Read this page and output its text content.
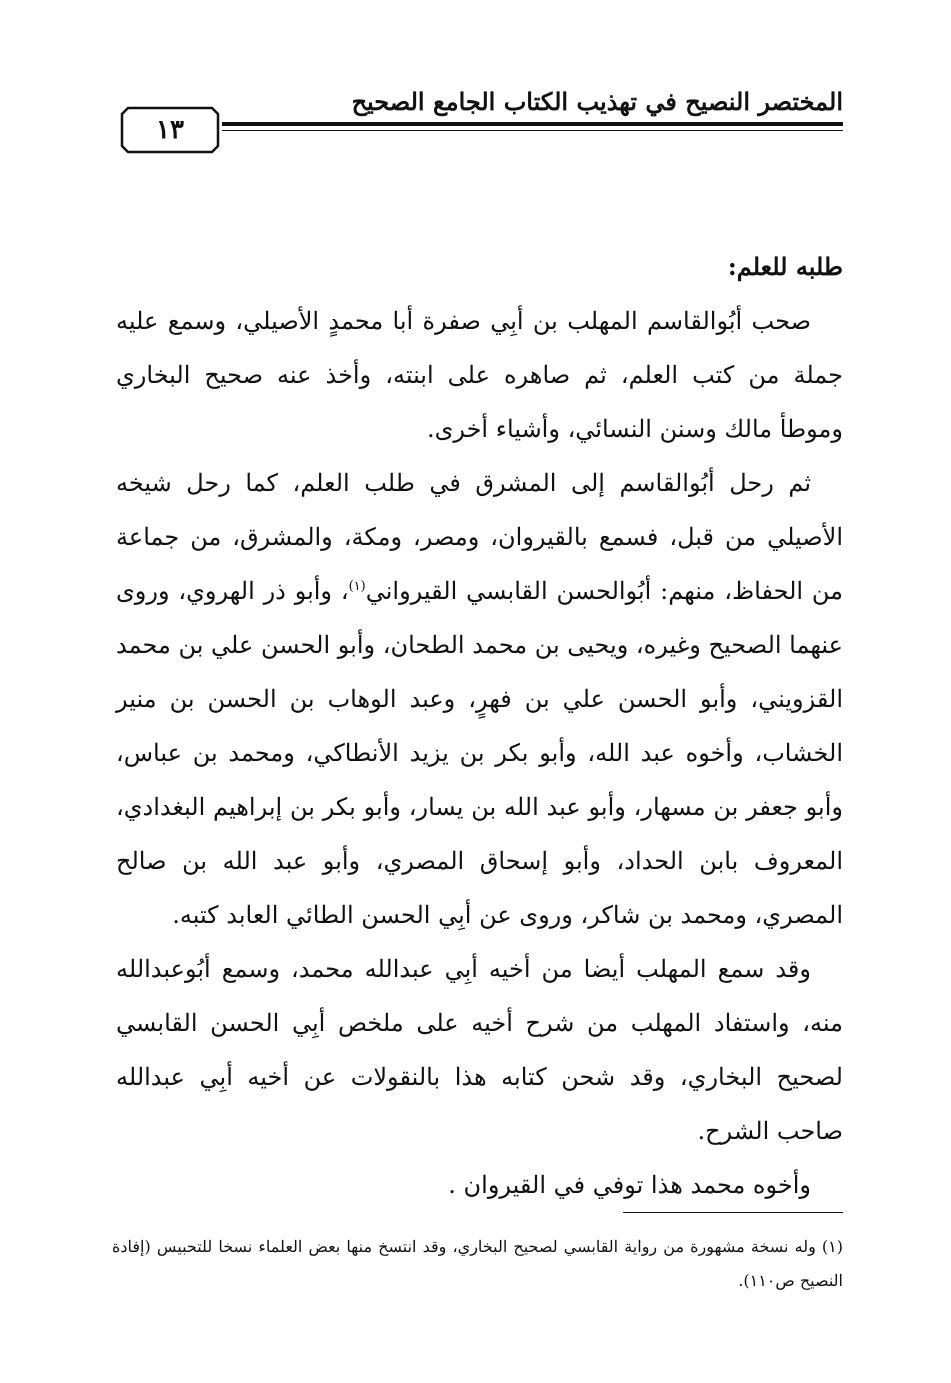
المختصر النصيح في تهذيب الكتاب الجامع الصحيح
١٣

طلبه للعلم:

صحب أبُوالقاسم المهلب بن أبِي صفرة أبا محمدٍ الأصيلي، وسمع عليه جملة من كتب العلم، ثم صاهره على ابنته، وأخذ عنه صحيح البخاري وموطأ مالك وسنن النسائي، وأشياء أخرى.

ثم رحل أبُوالقاسم إلى المشرق في طلب العلم، كما رحل شيخه الأصيلي من قبل، فسمع بالقيروان، ومصر، ومكة، والمشرق، من جماعة من الحفاظ، منهم: أبُوالحسن القابسي القيرواني$^{(١)}$، وأبو ذر الهروي، وروى عنهما الصحيح وغيره، ويحيى بن محمد الطحان، وأبو الحسن علي بن محمد القزويني، وأبو الحسن علي بن فهرٍ، وعبد الوهاب بن الحسن بن منير الخشاب، وأخوه عبد الله، وأبو بكر بن يزيد الأنطاكي، ومحمد بن عباس، وأبو جعفر بن مسهار، وأبو عبد الله بن يسار، وأبو بكر بن إبراهيم البغدادي، المعروف بابن الحداد، وأبو إسحاق المصري، وأبو عبد الله بن صالح المصري، ومحمد بن شاكر، وروى عن أبِي الحسن الطائي العابد كتبه.

وقد سمع المهلب أيضا من أخيه أبِي عبدالله محمد، وسمع أبُوعبدالله منه، واستفاد المهلب من شرح أخيه على ملخص أبِي الحسن القابسي لصحيح البخاري، وقد شحن كتابه هذا بالنقولات عن أخيه أبِي عبدالله صاحب الشرح.

وأخوه محمد هذا توفي في القيروان .

(١) وله نسخة مشهورة من رواية القابسي لصحيح البخاري، وقد انتسخ منها بعض العلماء نسخا للتحبيس (إفادة النصيح ص١١٠).
